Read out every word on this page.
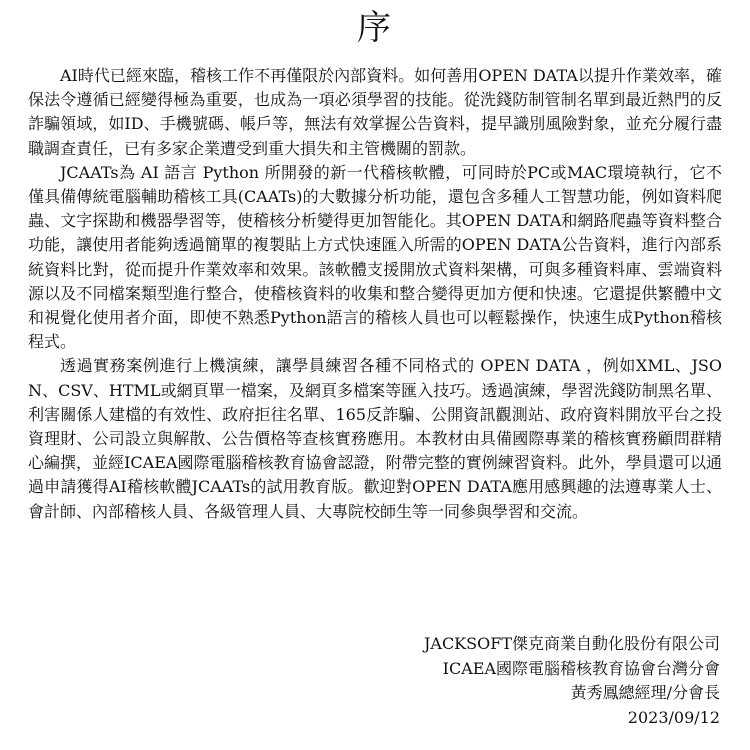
序

AI時代已經來臨，稽核工作不再僅限於內部資料。如何善用OPEN DATA以提升作業效率，確保法令遵循已經變得極為重要，也成為一項必須學習的技能。從洗錢防制管制名單到最近熱門的反詐騙領域，如ID、手機號碼、帳戶等，無法有效掌握公告資料，提早識別風險對象，並充分履行盡職調查責任，已有多家企業遭受到重大損失和主管機關的罰款。

JCAATs為 AI 語言 Python 所開發的新一代稽核軟體，可同時於PC或MAC環境執行，它不僅具備傳統電腦輔助稽核工具(CAATs)的大數據分析功能，還包含多種人工智慧功能，例如資料爬蟲、文字探勘和機器學習等，使稽核分析變得更加智能化。其OPEN DATA和網路爬蟲等資料整合功能，讓使用者能夠透過簡單的複製貼上方式快速匯入所需的OPEN DATA公告資料，進行內部系統資料比對，從而提升作業效率和效果。該軟體支援開放式資料架構，可與多種資料庫、雲端資料源以及不同檔案類型進行整合，使稽核資料的收集和整合變得更加方便和快速。它還提供繁體中文和視覺化使用者介面，即使不熟悉Python語言的稽核人員也可以輕鬆操作，快速生成Python稽核程式。

透過實務案例進行上機演練，讓學員練習各種不同格式的 OPEN DATA ，例如XML、JSON、CSV、HTML或網頁單一檔案，及網頁多檔案等匯入技巧。透過演練，學習洗錢防制黑名單、利害關係人建檔的有效性、政府拒往名單、165反詐騙、公開資訊觀測站、政府資料開放平台之投資理財、公司設立與解散、公告價格等查核實務應用。本教材由具備國際專業的稽核實務顧問群精心編撰，並經ICAEA國際電腦稽核教育協會認證，附帶完整的實例練習資料。此外，學員還可以通過申請獲得AI稽核軟體JCAATs的試用教育版。歡迎對OPEN DATA應用感興趣的法遵專業人士、會計師、內部稽核人員、各級管理人員、大專院校師生等一同參與學習和交流。

JACKSOFT傑克商業自動化股份有限公司
ICAEA國際電腦稽核教育協會台灣分會
黃秀鳳總經理/分會長
2023/09/12
